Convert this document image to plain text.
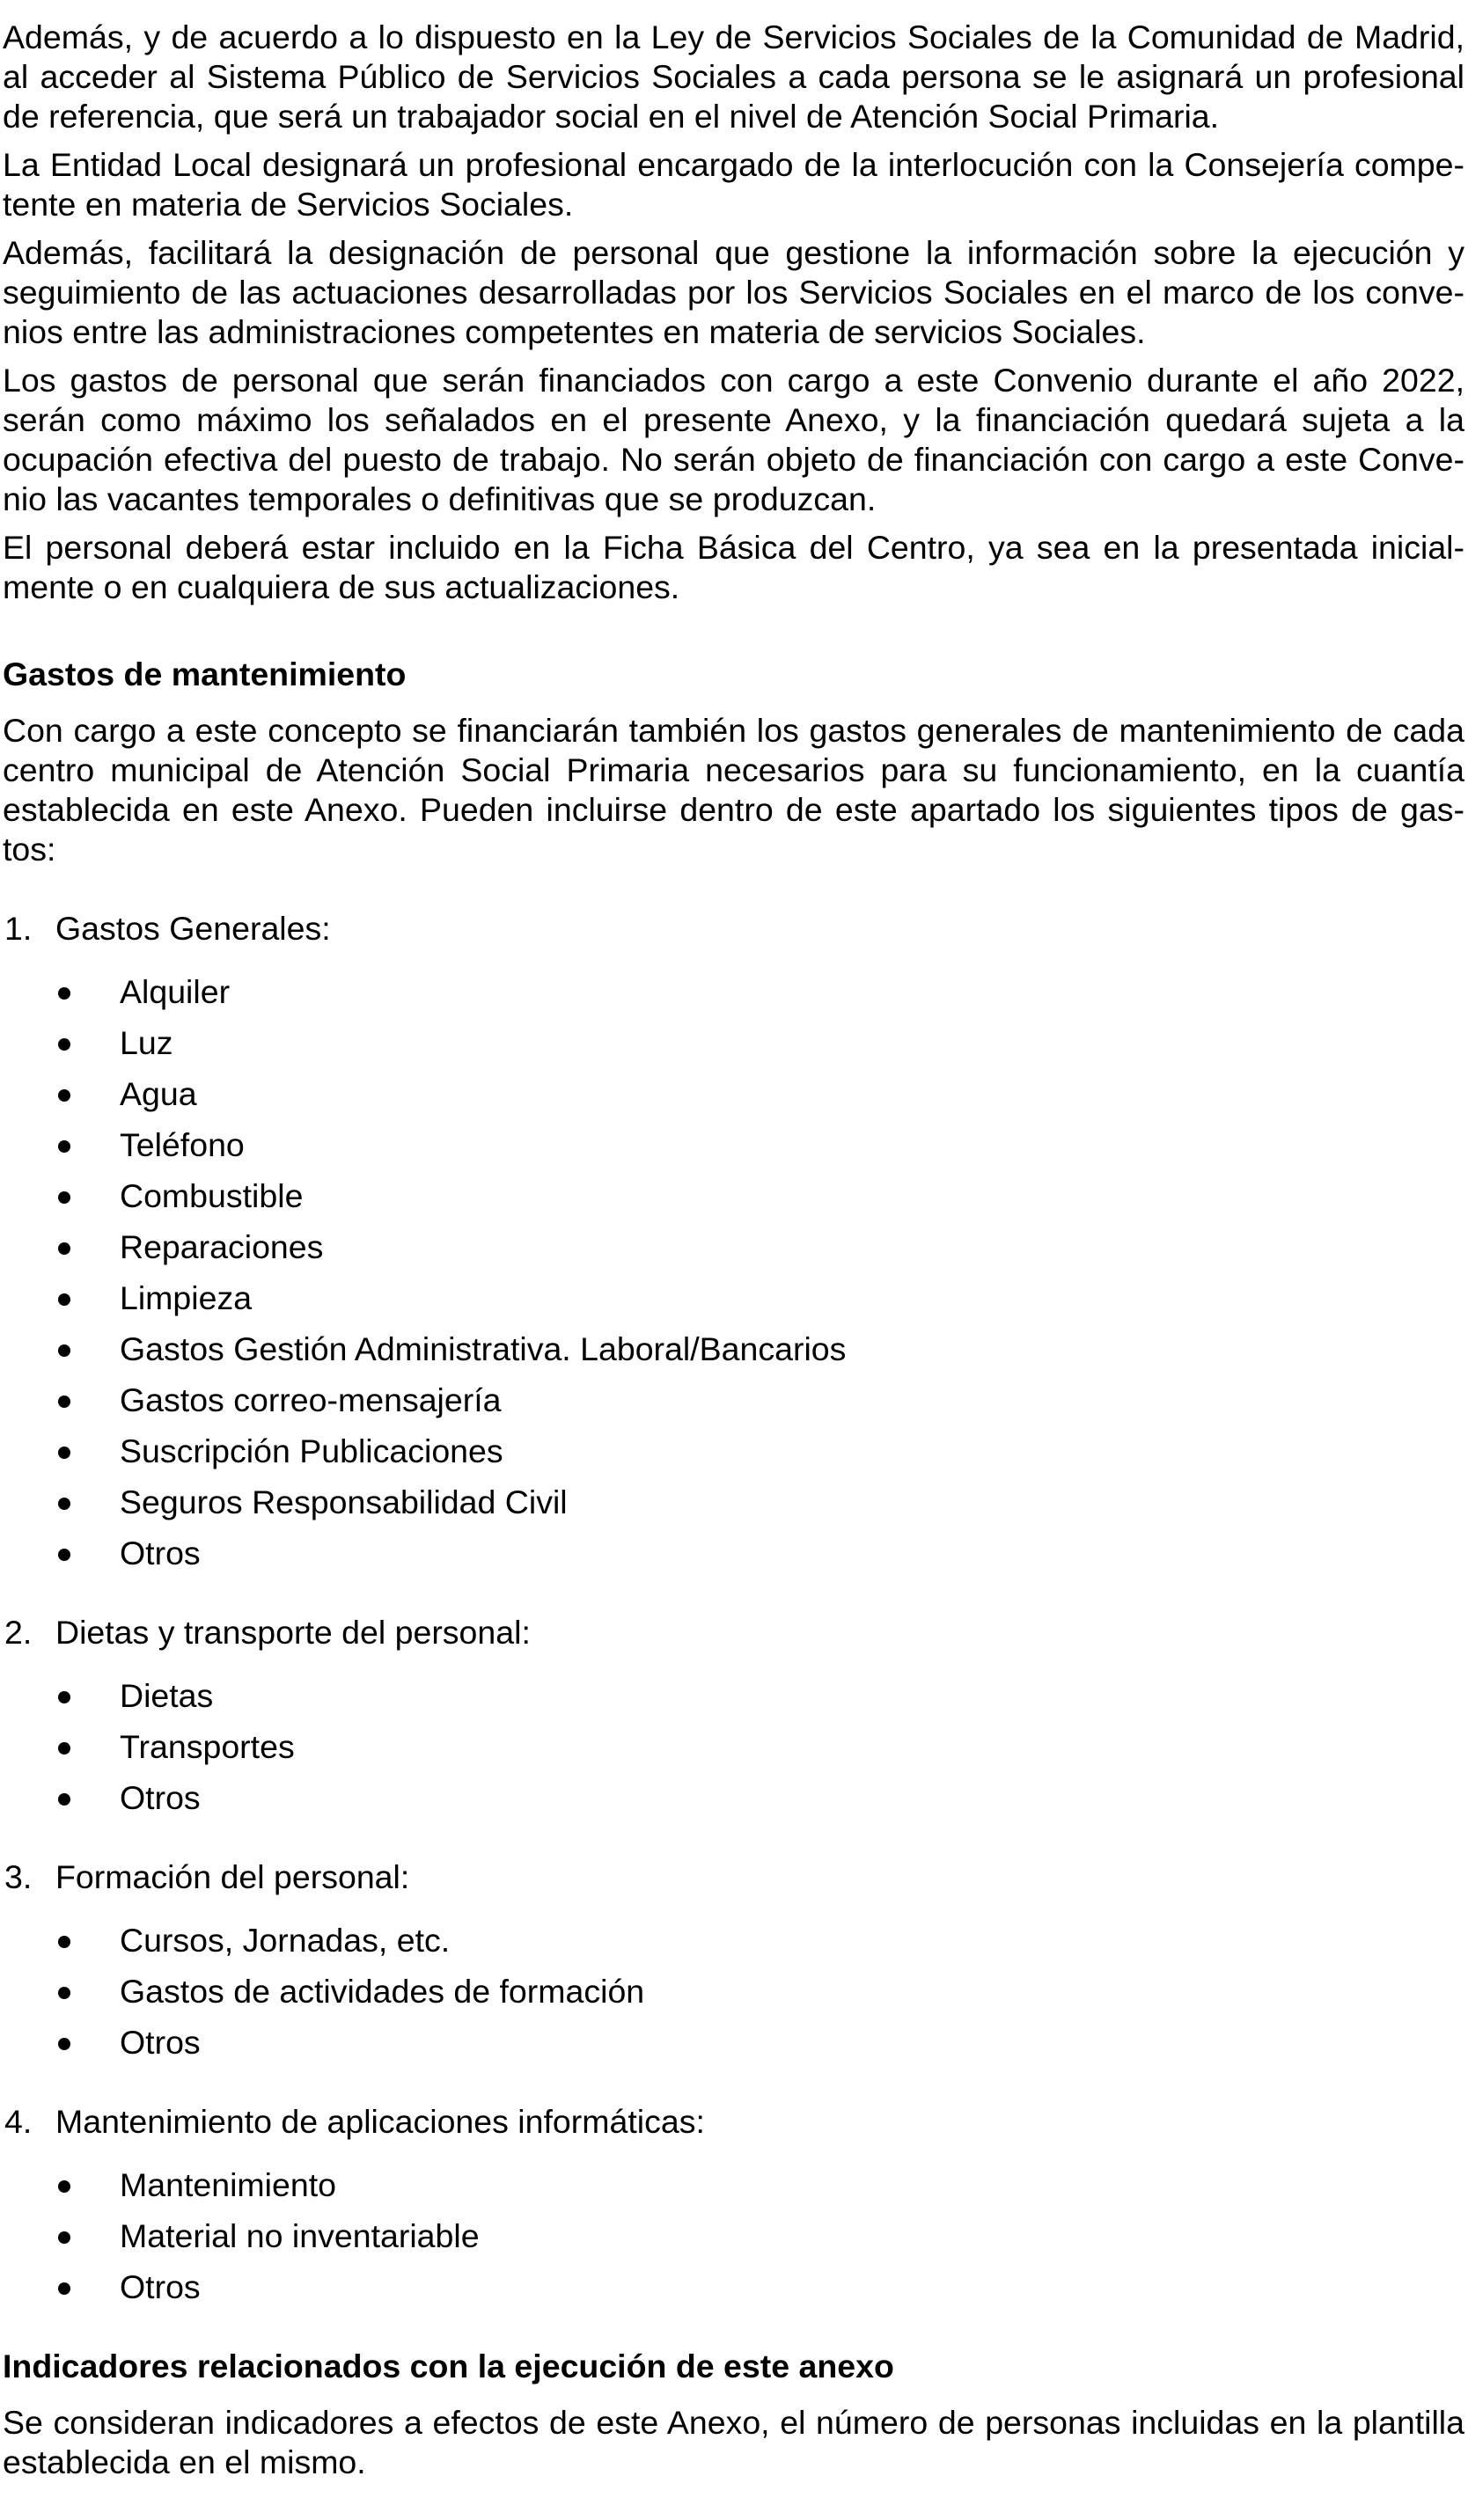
Además, y de acuerdo a lo dispuesto en la Ley de Servicios Sociales de la Comunidad de Madrid,
al acceder al Sistema Público de Servicios Sociales a cada persona se le asignará un profesional
de referencia, que será un trabajador social en el nivel de Atención Social Primaria.
La Entidad Local designará un profesional encargado de la interlocución con la Consejería compe-
tente en materia de Servicios Sociales.
Además, facilitará la designación de personal que gestione la información sobre la ejecución y
seguimiento de las actuaciones desarrolladas por los Servicios Sociales en el marco de los conve-
nios entre las administraciones competentes en materia de servicios Sociales.
Los gastos de personal que serán financiados con cargo a este Convenio durante el año 2022,
serán como máximo los señalados en el presente Anexo, y la financiación quedará sujeta a la
ocupación efectiva del puesto de trabajo. No serán objeto de financiación con cargo a este Conve-
nio las vacantes temporales o definitivas que se produzcan.
El personal deberá estar incluido en la Ficha Básica del Centro, ya sea en la presentada inicial-
mente o en cualquiera de sus actualizaciones.
Gastos de mantenimiento
Con cargo a este concepto se financiarán también los gastos generales de mantenimiento de cada
centro municipal de Atención Social Primaria necesarios para su funcionamiento, en la cuantía
establecida en este Anexo. Pueden incluirse dentro de este apartado los siguientes tipos de gas-
tos:
1. Gastos Generales:
Alquiler
Luz
Agua
Teléfono
Combustible
Reparaciones
Limpieza
Gastos Gestión Administrativa. Laboral/Bancarios
Gastos correo-mensajería
Suscripción Publicaciones
Seguros Responsabilidad Civil
Otros
2. Dietas y transporte del personal:
Dietas
Transportes
Otros
3. Formación del personal:
Cursos, Jornadas, etc.
Gastos de actividades de formación
Otros
4. Mantenimiento de aplicaciones informáticas:
Mantenimiento
Material no inventariable
Otros
Indicadores relacionados con la ejecución de este anexo
Se consideran indicadores a efectos de este Anexo, el número de personas incluidas en la plantilla
establecida en el mismo.
